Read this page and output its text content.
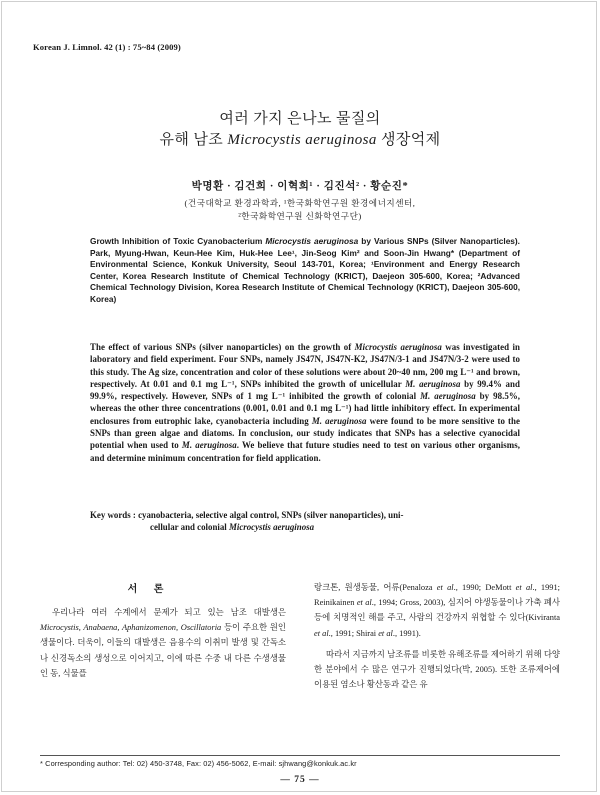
Korean J. Limnol. 42 (1) : 75~84 (2009)
여러 가지 은나노 물질의
유해 남조 Microcystis aeruginosa 생장억제
박명환 · 김건희 · 이혁희¹ · 김진석² · 황순진*
(건국대학교 환경과학과, ¹한국화학연구원 환경에너지센터,
²한국화학연구원 신화학연구단)
Growth Inhibition of Toxic Cyanobacterium Microcystis aeruginosa by Various SNPs (Silver Nanoparticles). Park, Myung-Hwan, Keun-Hee Kim, Huk-Hee Lee¹, Jin-Seog Kim² and Soon-Jin Hwang* (Department of Environmental Science, Konkuk University, Seoul 143-701, Korea; ¹Environment and Energy Research Center, Korea Research Institute of Chemical Technology (KRICT), Daejeon 305-600, Korea; ²Advanced Chemical Technology Division, Korea Research Institute of Chemical Technology (KRICT), Daejeon 305-600, Korea)
The effect of various SNPs (silver nanoparticles) on the growth of Microcystis aeruginosa was investigated in laboratory and field experiment. Four SNPs, namely JS47N, JS47N-K2, JS47N/3-1 and JS47N/3-2 were used to this study. The Ag size, concentration and color of these solutions were about 20~40 nm, 200 mg L⁻¹ and brown, respectively. At 0.01 and 0.1 mg L⁻¹, SNPs inhibited the growth of unicellular M. aeruginosa by 99.4% and 99.9%, respectively. However, SNPs of 1 mg L⁻¹ inhibited the growth of colonial M. aeruginosa by 98.5%, whereas the other three concentrations (0.001, 0.01 and 0.1 mg L⁻¹) had little inhibitory effect. In experimental enclosures from eutrophic lake, cyanobacteria including M. aeruginosa were found to be more sensitive to the SNPs than green algae and diatoms. In conclusion, our study indicates that SNPs has a selective cyanocidal potential when used to M. aeruginosa. We believe that future studies need to test on various other organisms, and determine minimum concentration for field application.
Key words : cyanobacteria, selective algal control, SNPs (silver nanoparticles), uni-
cellular and colonial Microcystis aeruginosa
서 론

우리나라 여러 수계에서 문제가 되고 있는 남조 대발생은 Microcystis, Anabaena, Aphanizomenon, Oscillatoria 등이 주요한 원인생물이다. 더욱이, 이들의 대발생은 음용수의 이취미 발생 및 간독소나 신경독소의 생성으로 이어지고, 이에 따른 수중 내 다른 수생생물인 동, 식물플

랑크톤, 원생동물, 어류(Penaloza et al., 1990; DeMott et al., 1991; Reinikainen et al., 1994; Gross, 2003), 심지어 야생동물이나 가축 폐사 등에 치명적인 해를 주고, 사람의 건강까지 위협할 수 있다(Kiviranta et al., 1991; Shirai et al., 1991).

따라서 지금까지 남조류를 비롯한 유해조류를 제어하기 위해 다양한 분야에서 수 많은 연구가 진행되었다(박, 2005). 또한 조류제어에 이용된 염소나 황산동과 같은 유

* Corresponding author: Tel: 02) 450-3748, Fax: 02) 456-5062, E-mail: sjhwang@konkuk.ac.kr
— 75 —
